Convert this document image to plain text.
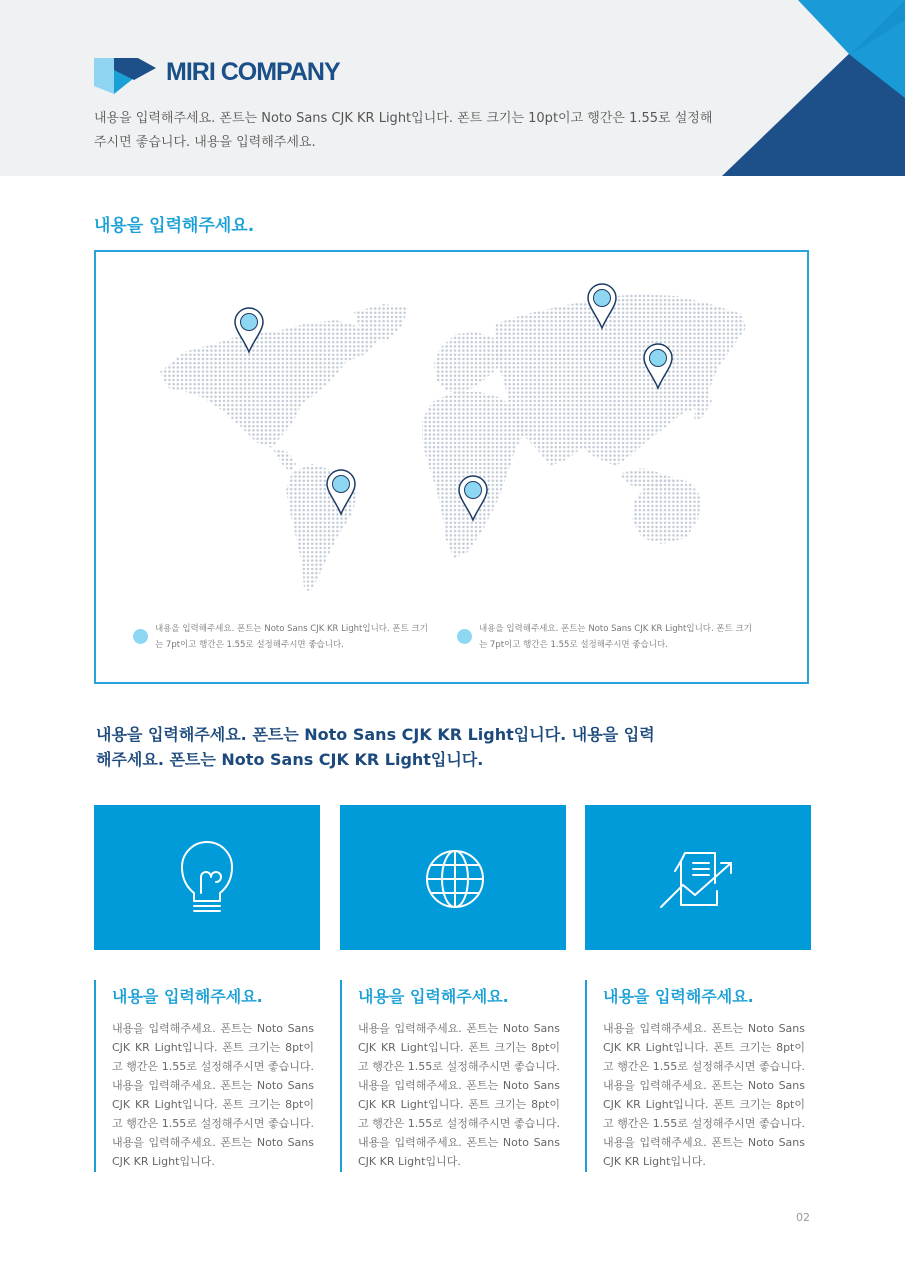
MIRI COMPANY
내용을 입력해주세요. 폰트는 Noto Sans CJK KR Light입니다. 폰트 크기는 10pt이고 행간은 1.55로 설정해주시면 좋습니다. 내용을 입력해주세요.
내용을 입력해주세요.
내용을 입력해주세요. 폰트는 Noto Sans CJK KR Light입니다. 폰트 크기는 7pt이고 행간은 1.55로 설정해주시면 좋습니다.
내용을 입력해주세요. 폰트는 Noto Sans CJK KR Light입니다. 폰트 크기는 7pt이고 행간은 1.55로 설정해주시면 좋습니다.
내용을 입력해주세요. 폰트는 Noto Sans CJK KR Light입니다. 내용을 입력해주세요. 폰트는 Noto Sans CJK KR Light입니다.
내용을 입력해주세요.
내용을 입력해주세요. 폰트는 Noto Sans CJK KR Light입니다. 폰트 크기는 8pt이고 행간은 1.55로 설정해주시면 좋습니다. 내용을 입력해주세요. 폰트는 Noto Sans CJK KR Light입니다. 폰트 크기는 8pt이고 행간은 1.55로 설정해주시면 좋습니다. 내용을 입력해주세요. 폰트는 Noto Sans CJK KR Light입니다.
내용을 입력해주세요.
내용을 입력해주세요. 폰트는 Noto Sans CJK KR Light입니다. 폰트 크기는 8pt이고 행간은 1.55로 설정해주시면 좋습니다. 내용을 입력해주세요. 폰트는 Noto Sans CJK KR Light입니다. 폰트 크기는 8pt이고 행간은 1.55로 설정해주시면 좋습니다. 내용을 입력해주세요. 폰트는 Noto Sans CJK KR Light입니다.
내용을 입력해주세요.
내용을 입력해주세요. 폰트는 Noto Sans CJK KR Light입니다. 폰트 크기는 8pt이고 행간은 1.55로 설정해주시면 좋습니다. 내용을 입력해주세요. 폰트는 Noto Sans CJK KR Light입니다. 폰트 크기는 8pt이고 행간은 1.55로 설정해주시면 좋습니다. 내용을 입력해주세요. 폰트는 Noto Sans CJK KR Light입니다.
02
